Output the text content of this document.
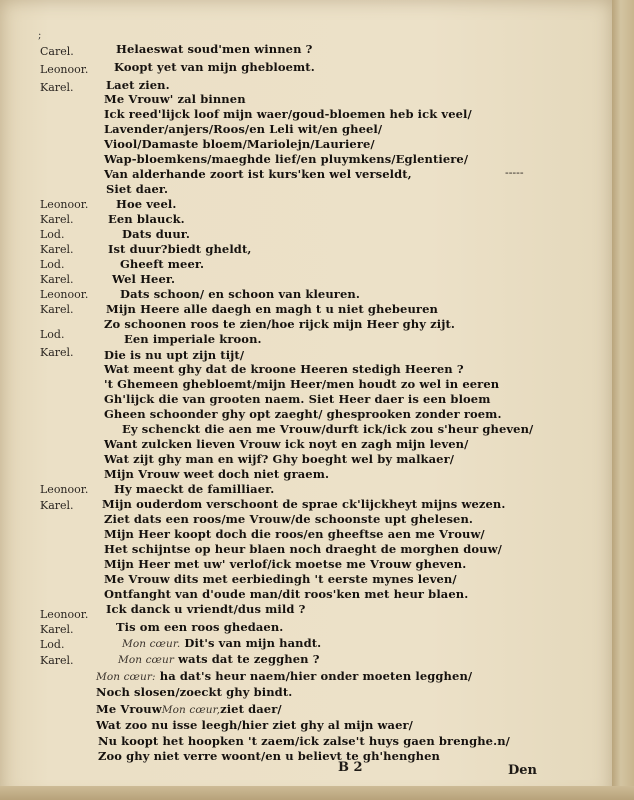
Carel.	Helaeswat soud'men winnen ?
Leonoor.	Koopt yet van mijn ghebloemt.
Karel.	Laet zien.
Me Vrouw' zal binnen
Ick reed'lijck loof mijn waer/goud-bloemen heb ick veel/
Lavender/anjers/Roos/en Leli wit/en gheel/
Viool/Damaste bloem/Mariolejn/Lauriere/
Wap-bloemkens/maeghde lief/en pluymkens/Eglentiere/
Van alderhande zoort ist kurs'ken wel verseldt,
Siet daer.
Leonoor.	Hoe veel.
Karel.	Een blauck.
Lod.	Dats duur.
Karel.	Ist duur?biedt gheldt,
Lod.	Gheeft meer.
Karel.	Wel Heer.
Leonoor.	Dats schoon/ en schoon van kleuren.
Karel.	Mijn Heere alle daegh en magh t u niet ghebeuren
Zo schoonen roos te zien/hoe rijck mijn Heer ghy zijt.
Lod.	Een imperiale kroon.
Karel.	Die is nu upt zijn tijt/
Wat meent ghy dat de kroone Heeren stedigh Heeren ?
't Ghemeen ghebloemt/mijn Heer/men houdt zo wel in eeren
Gh'lijck die van grooten naem. Siet Heer daer is een bloem
Gheen schoonder ghy opt zaeght/ ghesprooken zonder roem.
Ey schenckt die aen me Vrouw/durft ick/ick zou s'heur gheven/
Want zulcken lieven Vrouw ick noyt en zagh mijn leven/
Wat zijt ghy man en wijf? Ghy boeght wel by malkaer/
Mijn Vrouw weet doch niet graem.
Leonoor.	Hy maeckt de familliaer.
Karel.	Mijn ouderdom verschoont de sprae ck'lijckheyt mijns wezen.
Ziet dats een roos/me Vrouw/de schoonste upt ghelesen.
Mijn Heer koopt doch die roos/en gheeftse aen me Vrouw/
Het schijntse op heur blaen noch draeght de morghen douw/
Mijn Heer met uw' verlof/ick moetse me Vrouw gheven.
Me Vrouw dits met eerbiedingh 't eerste mynes leven/
Ontfanght van d'oude man/dit roos'ken met heur blaen.
Leonoor.	Ick danck u vriendt/dus mild ?
Karel.	Tis om een roos ghedaen.
Lod.	Mon cœur. Dit's van mijn handt.
Karel.	Mon cœur wats dat te zegghen ?
Mon cœur: ha dat's heur naem/hier onder moeten legghen/
Noch slosen/zoeckt ghy bindt.
Me VrouwMon cœur,ziet daer/
Wat zoo nu isse leegh/hier ziet ghy al mijn waer/
Nu koopt het hoopken 't zaem/ick zalse't huys gaen brenghe.n/
Zoo ghy niet verre woont/en u believt te gh'henghen
;
-----
B 2	Den
